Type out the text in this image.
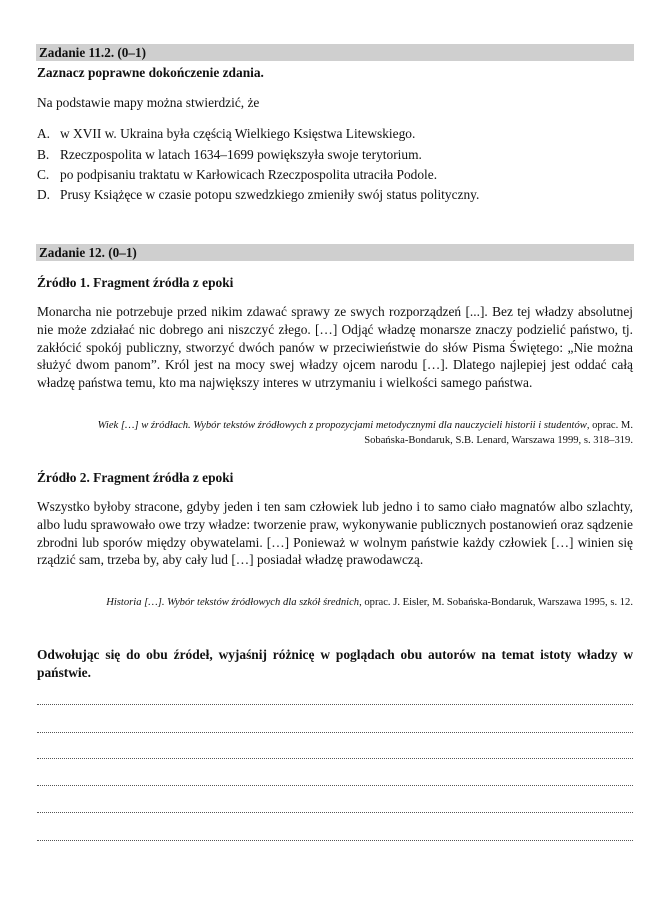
Zadanie 11.2. (0–1)
Zaznacz poprawne dokończenie zdania.
Na podstawie mapy można stwierdzić, że
A. w XVII w. Ukraina była częścią Wielkiego Księstwa Litewskiego.
B. Rzeczpospolita w latach 1634–1699 powiększyła swoje terytorium.
C. po podpisaniu traktatu w Karłowicach Rzeczpospolita utraciła Podole.
D. Prusy Książęce w czasie potopu szwedzkiego zmieniły swój status polityczny.
Zadanie 12. (0–1)
Źródło 1. Fragment źródła z epoki
Monarcha nie potrzebuje przed nikim zdawać sprawy ze swych rozporządzeń [...]. Bez tej władzy absolutnej nie może zdziałać nic dobrego ani niszczyć złego. […] Odjąć władzę monarsze znaczy podzielić państwo, tj. zakłócić spokój publiczny, stworzyć dwóch panów w przeciwieństwie do słów Pisma Świętego: „Nie można służyć dwom panom”. Król jest na mocy swej władzy ojcem narodu […]. Dlatego najlepiej jest oddać całą władzę państwa temu, kto ma największy interes w utrzymaniu i wielkości samego państwa.
Wiek […] w źródłach. Wybór tekstów źródłowych z propozycjami metodycznymi dla nauczycieli historii i studentów, oprac. M. Sobańska-Bondaruk, S.B. Lenard, Warszawa 1999, s. 318–319.
Źródło 2. Fragment źródła z epoki
Wszystko byłoby stracone, gdyby jeden i ten sam człowiek lub jedno i to samo ciało magnatów albo szlachty, albo ludu sprawowało owe trzy władze: tworzenie praw, wykonywanie publicznych postanowień oraz sądzenie zbrodni lub sporów między obywatelami. […] Ponieważ w wolnym państwie każdy człowiek […] winien się rządzić sam, trzeba by, aby cały lud […] posiadał władzę prawodawczą.
Historia […]. Wybór tekstów źródłowych dla szkół średnich, oprac. J. Eisler, M. Sobańska-Bondaruk, Warszawa 1995, s. 12.
Odwołując się do obu źródeł, wyjaśnij różnicę w poglądach obu autorów na temat istoty władzy w państwie.
